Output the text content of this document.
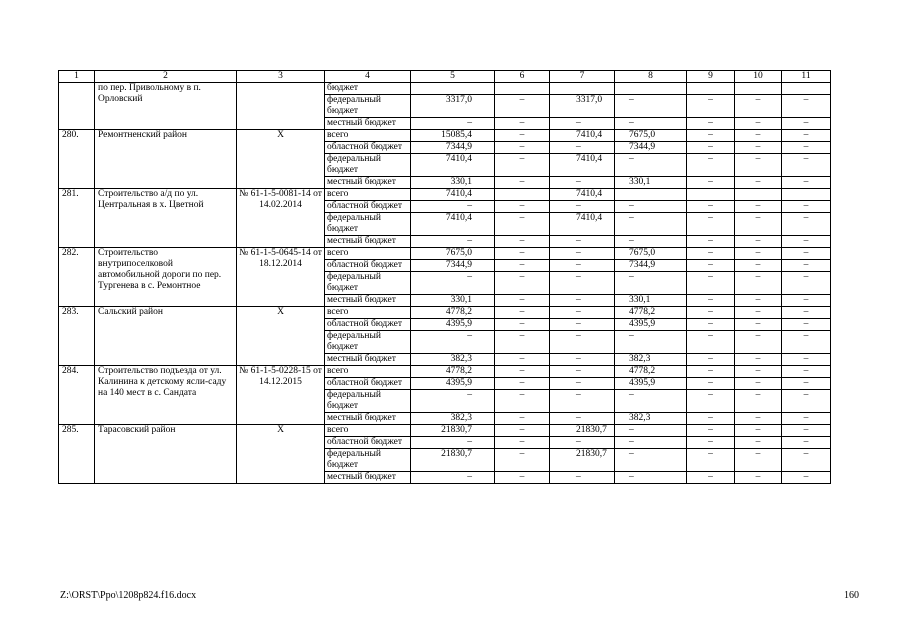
1	2	3	4	5	6	7	8	9	10	11
	по пер. Привольному в п. Орловский		бюджет							
			федеральный бюджет	3317,0	–	3317,0	–	–	–	–
			местный бюджет	–	–	–	–	–	–	–
280.	Ремонтненский район	Х	всего	15085,4	–	7410,4	7675,0	–	–	–
			областной бюджет	7344,9	–	–	7344,9	–	–	–
			федеральный бюджет	7410,4	–	7410,4	–	–	–	–
			местный бюджет	330,1	–	–	330,1	–	–	–
281.	Строительство а/д по ул. Центральная в х. Цветной	№ 61-1-5-0081-14 от 14.02.2014	всего	7410,4		7410,4				
			областной бюджет	–	–	–	–	–	–	–
			федеральный бюджет	7410,4	–	7410,4	–	–	–	–
			местный бюджет	–	–	–	–	–	–	–
282.	Строительство внутрипоселковой автомобильной дороги по пер. Тургенева в с. Ремонтное	№ 61-1-5-0645-14 от 18.12.2014	всего	7675,0	–	–	7675,0	–	–	–
			областной бюджет	7344,9	–	–	7344,9	–	–	–
			федеральный бюджет	–	–	–	–	–	–	–
			местный бюджет	330,1	–	–	330,1	–	–	–
283.	Сальский район	Х	всего	4778,2	–	–	4778,2	–	–	–
			областной бюджет	4395,9	–	–	4395,9	–	–	–
			федеральный бюджет	–	–	–	–	–	–	–
			местный бюджет	382,3	–	–	382,3	–	–	–
284.	Строительство подъезда от ул. Калинина к детскому ясли-саду на 140 мест в с. Сандата	№ 61-1-5-0228-15 от 14.12.2015	всего	4778,2	–	–	4778,2	–	–	–
			областной бюджет	4395,9	–	–	4395,9	–	–	–
			федеральный бюджет	–	–	–	–	–	–	–
			местный бюджет	382,3	–	–	382,3	–	–	–
285.	Тарасовский район	Х	всего	21830,7	–	21830,7	–	–	–	–
			областной бюджет	–	–	–	–	–	–	–
			федеральный бюджет	21830,7	–	21830,7	–	–	–	–
			местный бюджет	–	–	–	–	–	–	–
Z:\ORST\Ppo\1208p824.f16.docx	160
